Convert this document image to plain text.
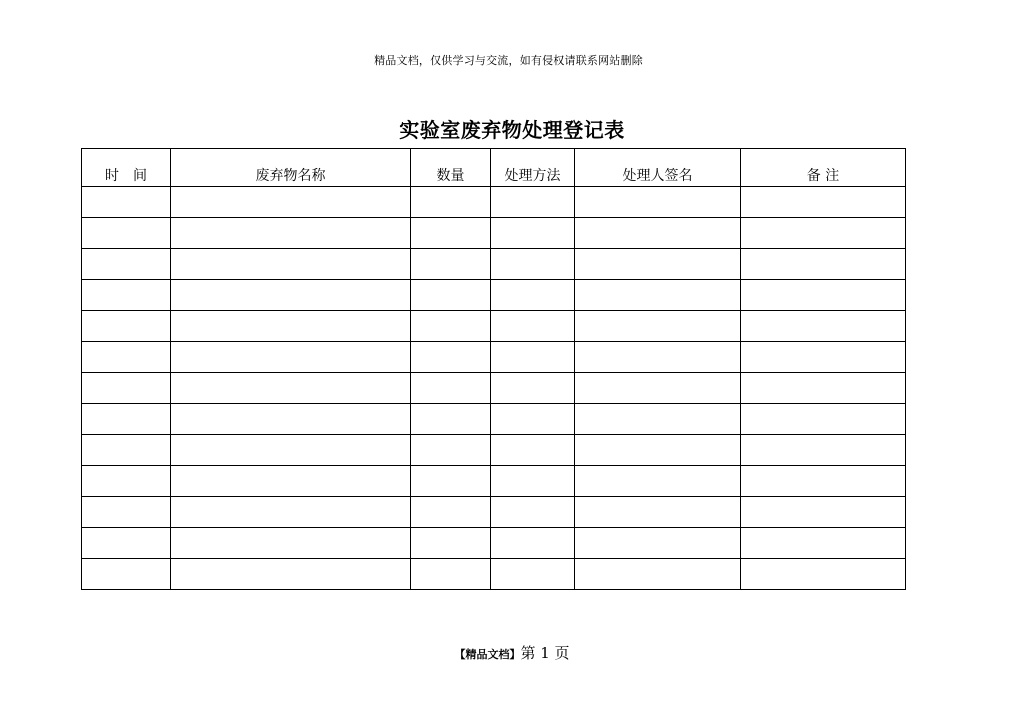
精品文档，仅供学习与交流，如有侵权请联系网站删除
实验室废弃物处理登记表
时　间	废弃物名称	数量	处理方法	处理人签名	备 注

【精品文档】第 1 页
